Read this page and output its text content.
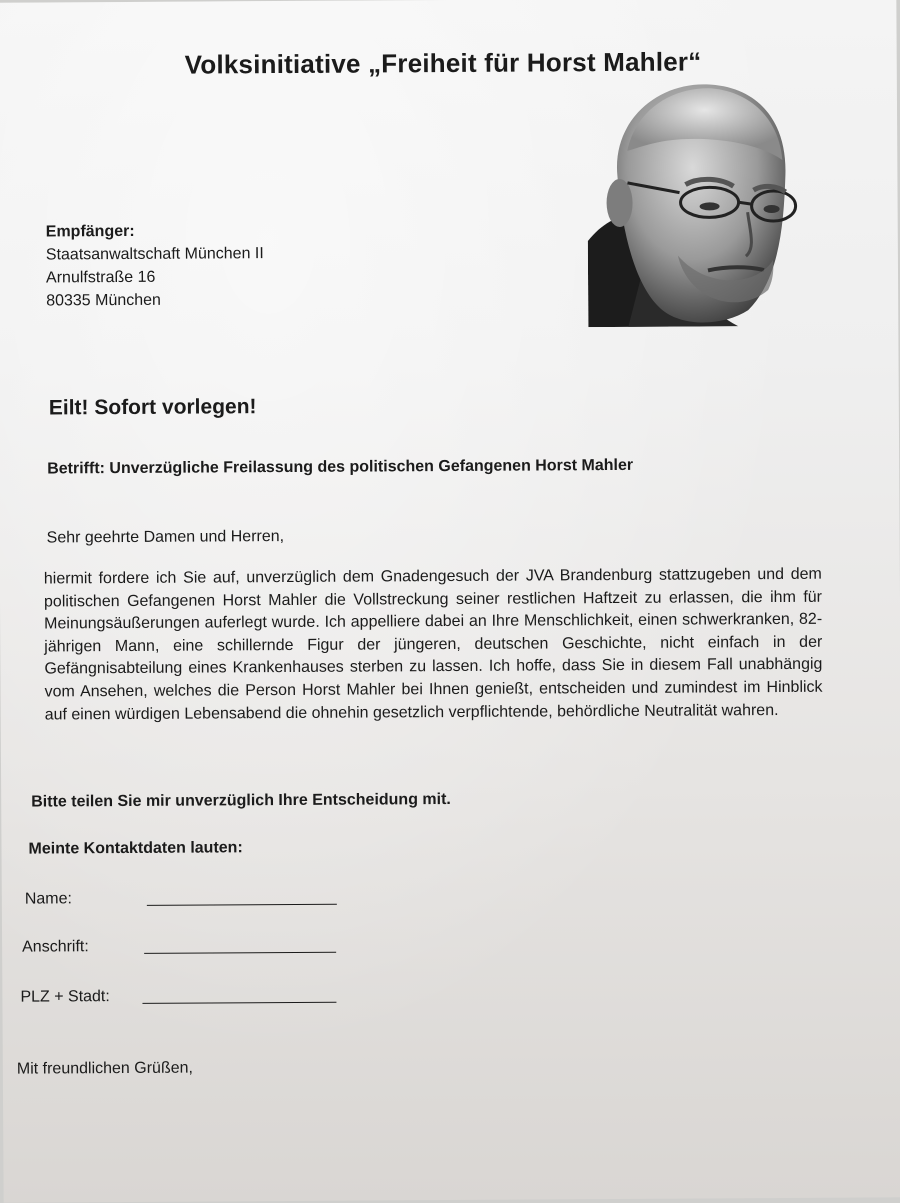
Volksinitiative „Freiheit für Horst Mahler“
Empfänger:
Staatsanwaltschaft München II
Arnulfstraße 16
80335 München
Eilt! Sofort vorlegen!
Betrifft: Unverzügliche Freilassung des politischen Gefangenen Horst Mahler
Sehr geehrte Damen und Herren,
hiermit fordere ich Sie auf, unverzüglich dem Gnadengesuch der JVA Brandenburg stattzugeben und dem politischen Gefangenen Horst Mahler die Vollstreckung seiner restlichen Haftzeit zu erlassen, die ihm für Meinungsäußerungen auferlegt wurde. Ich appelliere dabei an Ihre Menschlichkeit, einen schwerkranken, 82-jährigen Mann, eine schillernde Figur der jüngeren, deutschen Geschichte, nicht einfach in der Gefängnisabteilung eines Krankenhauses sterben zu lassen. Ich hoffe, dass Sie in diesem Fall unabhängig vom Ansehen, welches die Person Horst Mahler bei Ihnen genießt, entscheiden und zumindest im Hinblick auf einen würdigen Lebensabend die ohnehin gesetzlich verpflichtende, behördliche Neutralität wahren.
Bitte teilen Sie mir unverzüglich Ihre Entscheidung mit.
Meinte Kontaktdaten lauten:
Name:
Anschrift:
PLZ + Stadt:
Mit freundlichen Grüßen,
